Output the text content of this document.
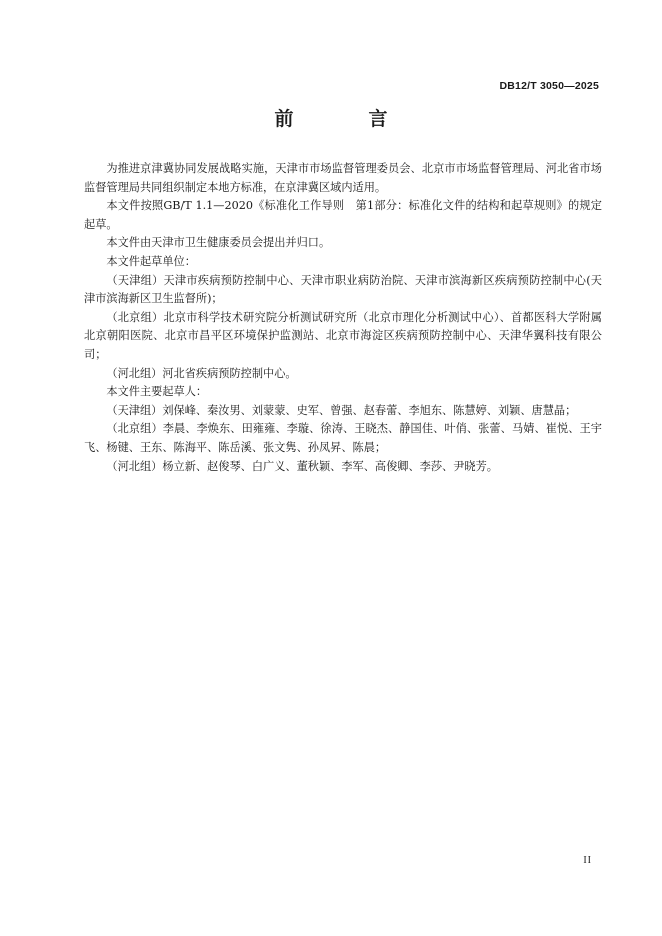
DB12/T 3050—2025
前　言

为推进京津冀协同发展战略实施，天津市市场监督管理委员会、北京市市场监督管理局、河北省市场监督管理局共同组织制定本地方标准，在京津冀区域内适用。

本文件按照GB/T 1.1—2020《标准化工作导则　第1部分：标准化文件的结构和起草规则》的规定起草。

本文件由天津市卫生健康委员会提出并归口。

本文件起草单位：

（天津组）天津市疾病预防控制中心、天津市职业病防治院、天津市滨海新区疾病预防控制中心(天津市滨海新区卫生监督所)；

（北京组）北京市科学技术研究院分析测试研究所（北京市理化分析测试中心）、首都医科大学附属北京朝阳医院、北京市昌平区环境保护监测站、北京市海淀区疾病预防控制中心、天津华翼科技有限公司；

（河北组）河北省疾病预防控制中心。

本文件主要起草人：

（天津组）刘保峰、秦汝男、刘蒙蒙、史军、曾强、赵春蕾、李旭东、陈慧婷、刘颖、唐慧晶；

（北京组）李晨、李焕东、田雍雍、李璇、徐涛、王晓杰、静国佳、叶俏、张蕾、马婧、崔悦、王宇飞、杨键、王东、陈海平、陈岳溪、张文隽、孙凤昇、陈晨；

（河北组）杨立新、赵俊琴、白广义、董秋颖、李军、高俊卿、李莎、尹晓芳。

II
